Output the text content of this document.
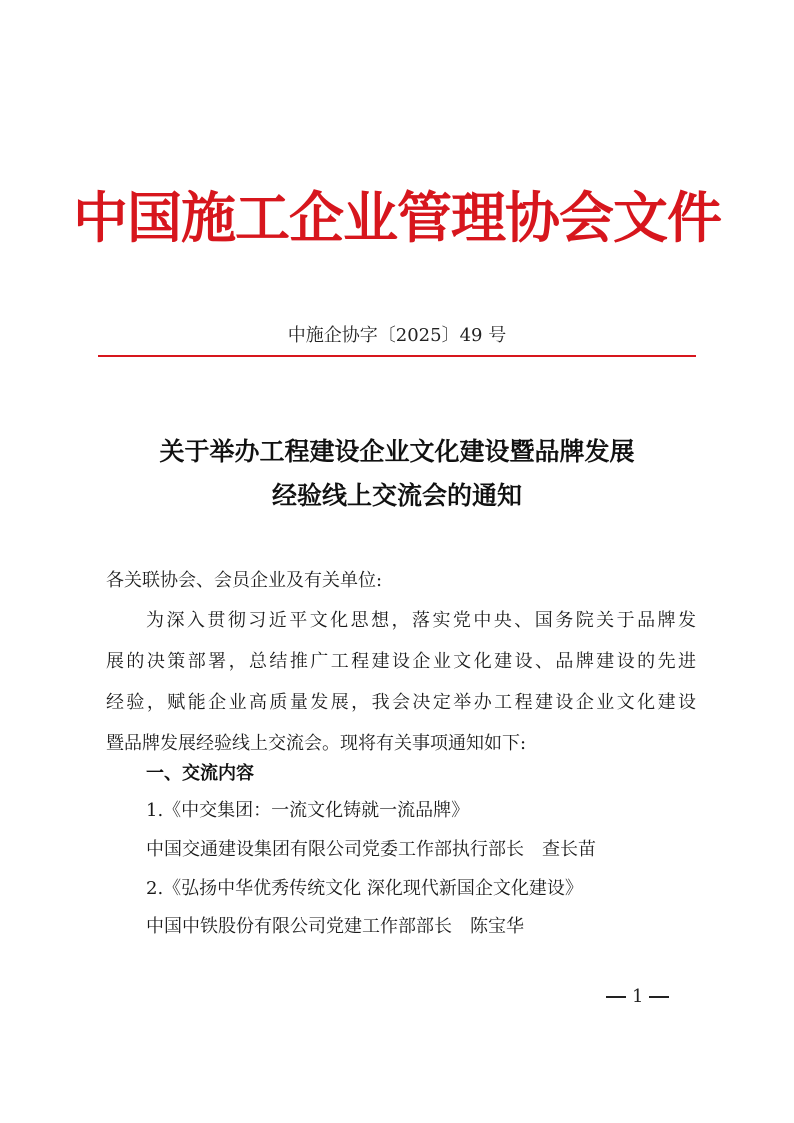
中国施工企业管理协会文件
中施企协字〔2025〕49 号
关于举办工程建设企业文化建设暨品牌发展
经验线上交流会的通知
各关联协会、会员企业及有关单位:
为深入贯彻习近平文化思想，落实党中央、国务院关于品牌发
展的决策部署，总结推广工程建设企业文化建设、品牌建设的先进
经验，赋能企业高质量发展，我会决定举办工程建设企业文化建设
暨品牌发展经验线上交流会。现将有关事项通知如下:
一、交流内容
1.《中交集团：一流文化铸就一流品牌》
中国交通建设集团有限公司党委工作部执行部长　查长苗
2.《弘扬中华优秀传统文化 深化现代新国企文化建设》
中国中铁股份有限公司党建工作部部长　陈宝华
1
